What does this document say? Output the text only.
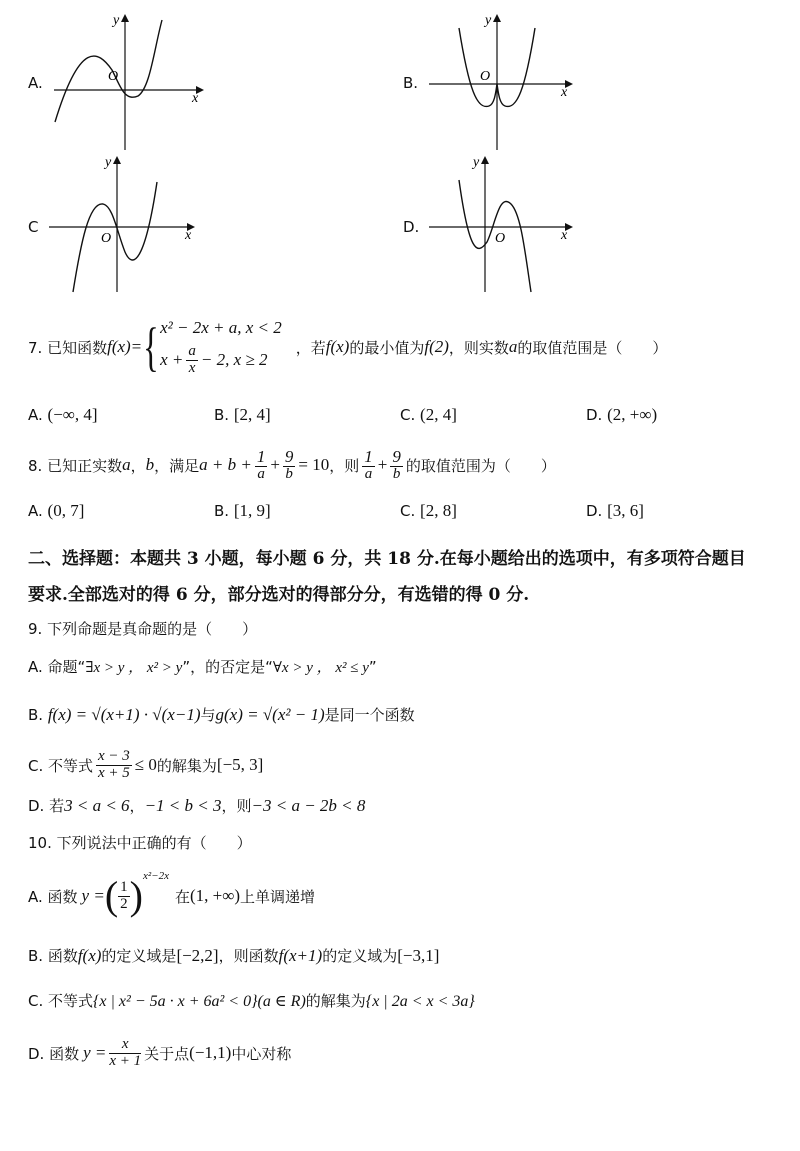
A.
x
y
O	B.
x
y
O
C	x
y
O
D.	x
y
O
7. 已知函数 f(x)= { x² − 2x + a, x < 2
$x + \frac{a}{x} - 2$, x ≥ 2
，若 f(x) 的最小值为 f(2) ，则实数 a 的取值范围是（　　）
A. (−∞, 4]	B. [2, 4]	C. (2, 4]	D. (2, +∞)
8. 已知正实数 a ， b ，满足 $a + b + \frac{1}{a} + \frac{9}{b} = 10$ ，则 $\frac{1}{a} + \frac{9}{b}$ 的取值范围为（　　）
A. (0, 7]	B. [1, 9]	C. [2, 8]	D. [3, 6]
二、选择题：本题共 3 小题，每小题 6 分，共 18 分.在每小题给出的选项中，有多项符合题目
要求.全部选对的得 6 分，部分选对的得部分分，有选错的得 0 分.
9. 下列命题是真命题的是（　　）
A. 命题“∃x > y ， x² > y”，的否定是“∀x > y ， x² ≤ y”
B. f(x) = √(x+1) · √(x−1)与g(x) = √(x² − 1)是同一个函数
C. 不等式 $\frac{x - 3}{x + 5} \le 0$ 的解集为 [−5, 3]
D. 若3 < a < 6，−1 < b < 3，则−3 < a − 2b < 8
10. 下列说法中正确的有（　　）
A. 函数 y = ( $\frac{1}{2}$ ) x²−2x
在 (1, +∞) 上单调递增
B. 函数f(x)的定义域是[−2,2]，则函数f(x+1)的定义域为[−3,1]
C. 不等式{x | x² − 5a · x + 6a² < 0}(a ∈ R)的解集为{x | 2a < x < 3a}
D. 函数 $y = \frac{x}{x + 1}$ 关于点 (−1,1) 中心对称
